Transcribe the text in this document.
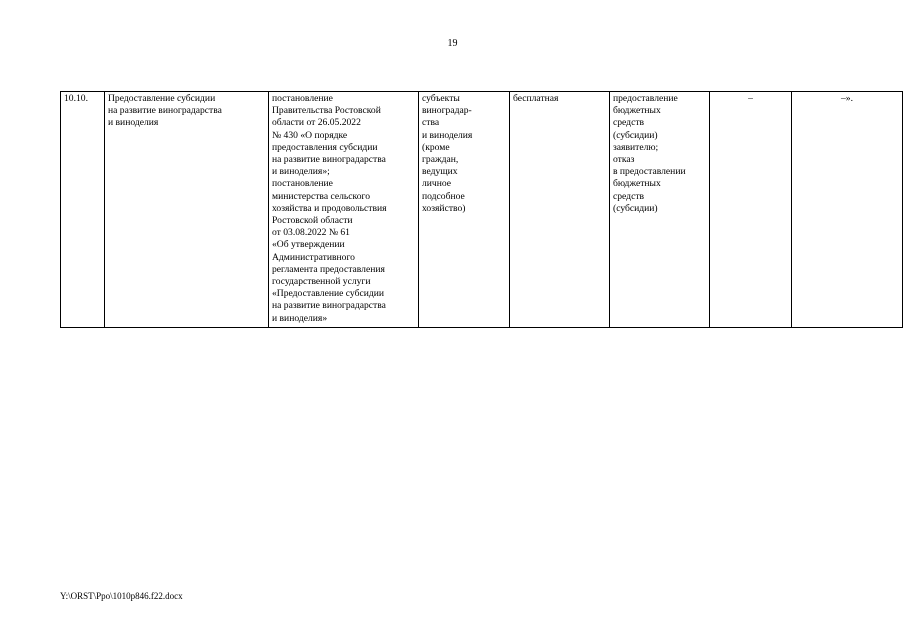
19
10.10.	Предоставление субсидии
на развитие виноградарства
и виноделия	постановление
Правительства Ростовской
области от 26.05.2022
№ 430 «О порядке
предоставления субсидии
на развитие виноградарства
и виноделия»;
постановление
министерства сельского
хозяйства и продовольствия
Ростовской области
от 03.08.2022 № 61
«Об утверждении
Административного
регламента предоставления
государственной услуги
«Предоставление субсидии
на развитие виноградарства
и виноделия»	субъекты
виноградар-
ства
и виноделия
(кроме
граждан,
ведущих
личное
подсобное
хозяйство)	бесплатная	предоставление
бюджетных
средств
(субсидии)
заявителю;
отказ
в предоставлении
бюджетных
средств
(субсидии)	–	–».
Y:\ORST\Ppo\1010p846.f22.docx
